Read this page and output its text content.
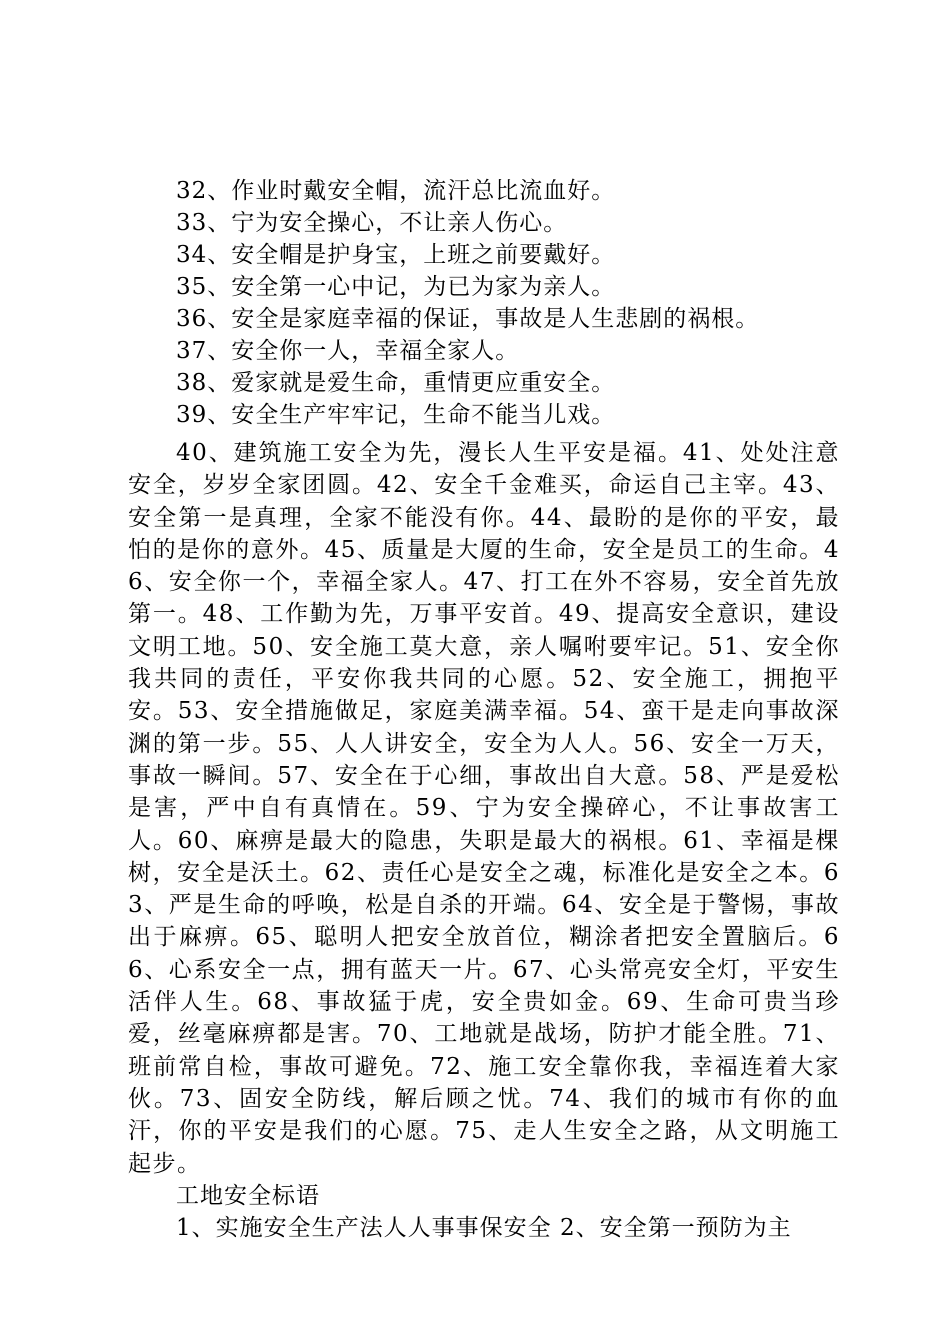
32、作业时戴安全帽，流汗总比流血好。
33、宁为安全操心，不让亲人伤心。
34、安全帽是护身宝，上班之前要戴好。
35、安全第一心中记，为已为家为亲人。
36、安全是家庭幸福的保证，事故是人生悲剧的祸根。
37、安全你一人，幸福全家人。
38、爱家就是爱生命，重情更应重安全。
39、安全生产牢牢记，生命不能当儿戏。
40、建筑施工安全为先，漫长人生平安是福。41、处处注意安全，岁岁全家团圆。42、安全千金难买，命运自己主宰。43、安全第一是真理，全家不能没有你。44、最盼的是你的平安，最怕的是你的意外。45、质量是大厦的生命，安全是员工的生命。46、安全你一个，幸福全家人。47、打工在外不容易，安全首先放第一。48、工作勤为先，万事平安首。49、提高安全意识，建设文明工地。50、安全施工莫大意，亲人嘱咐要牢记。51、安全你我共同的责任，平安你我共同的心愿。52、安全施工，拥抱平安。53、安全措施做足，家庭美满幸福。54、蛮干是走向事故深渊的第一步。55、人人讲安全，安全为人人。56、安全一万天，事故一瞬间。57、安全在于心细，事故出自大意。58、严是爱松是害，严中自有真情在。59、宁为安全操碎心，不让事故害工人。60、麻痹是最大的隐患，失职是最大的祸根。61、幸福是棵树，安全是沃土。62、责任心是安全之魂，标准化是安全之本。63、严是生命的呼唤，松是自杀的开端。64、安全是于警惕，事故出于麻痹。65、聪明人把安全放首位，糊涂者把安全置脑后。66、心系安全一点，拥有蓝天一片。67、心头常亮安全灯，平安生活伴人生。68、事故猛于虎，安全贵如金。69、生命可贵当珍爱，丝毫麻痹都是害。70、工地就是战场，防护才能全胜。71、班前常自检，事故可避免。72、施工安全靠你我，幸福连着大家伙。73、固安全防线，解后顾之忧。74、我们的城市有你的血汗，你的平安是我们的心愿。75、走人生安全之路，从文明施工起步。
工地安全标语
1、实施安全生产法人人事事保安全 2、安全第一预防为主
